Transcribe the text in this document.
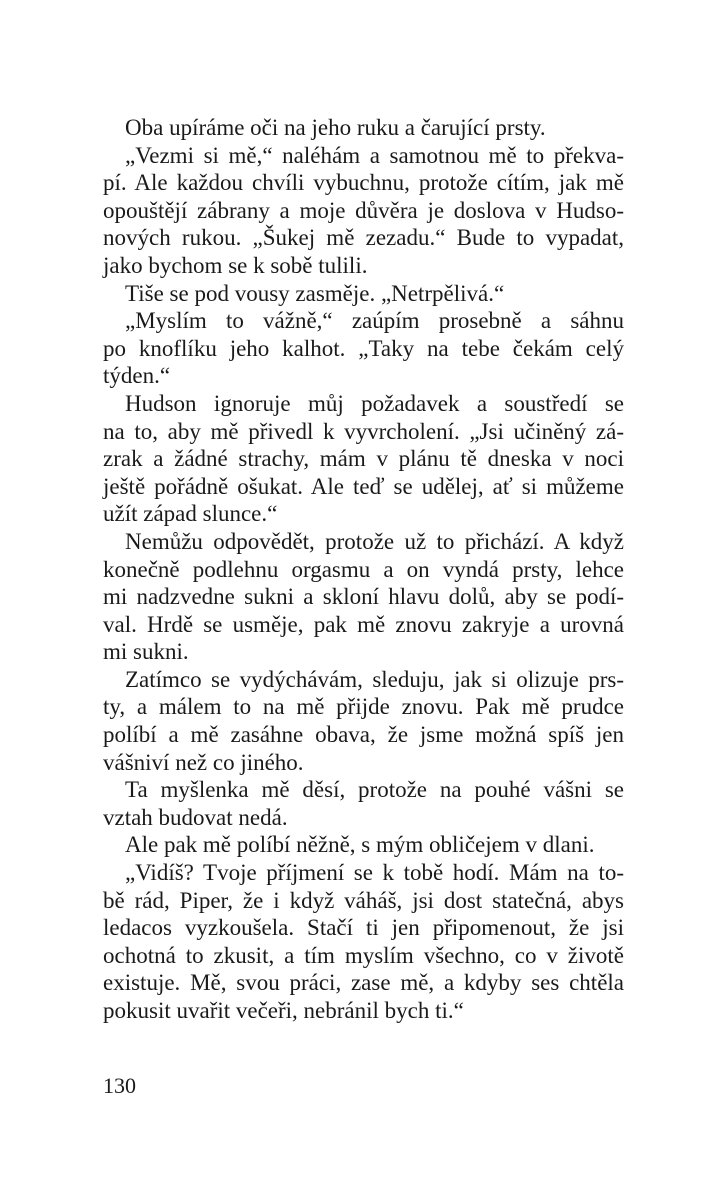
Oba upíráme oči na jeho ruku a čarující prsty.
„Vezmi si mě,“ naléhám a samotnou mě to překva-
pí. Ale každou chvíli vybuchnu, protože cítím, jak mě
opouštějí zábrany a moje důvěra je doslova v Hudso-
nových rukou. „Šukej mě zezadu.“ Bude to vypadat,
jako bychom se k sobě tulili.
Tiše se pod vousy zasměje. „Netrpělivá.“
„Myslím to vážně,“ zaúpím prosebně a sáhnu
po knoflíku jeho kalhot. „Taky na tebe čekám celý
týden.“
Hudson ignoruje můj požadavek a soustředí se
na to, aby mě přivedl k vyvrcholení. „Jsi učiněný zá-
zrak a žádné strachy, mám v plánu tě dneska v noci
ještě pořádně ošukat. Ale teď se udělej, ať si můžeme
užít západ slunce.“
Nemůžu odpovědět, protože už to přichází. A když
konečně podlehnu orgasmu a on vyndá prsty, lehce
mi nadzvedne sukni a skloní hlavu dolů, aby se podí-
val. Hrdě se usměje, pak mě znovu zakryje a urovná
mi sukni.
Zatímco se vydýchávám, sleduju, jak si olizuje prs-
ty, a málem to na mě přijde znovu. Pak mě prudce
políbí a mě zasáhne obava, že jsme možná spíš jen
vášniví než co jiného.
Ta myšlenka mě děsí, protože na pouhé vášni se
vztah budovat nedá.
Ale pak mě políbí něžně, s mým obličejem v dlani.
„Vidíš? Tvoje příjmení se k tobě hodí. Mám na to-
bě rád, Piper, že i když váháš, jsi dost statečná, abys
ledacos vyzkoušela. Stačí ti jen připomenout, že jsi
ochotná to zkusit, a tím myslím všechno, co v životě
existuje. Mě, svou práci, zase mě, a kdyby ses chtěla
pokusit uvařit večeři, nebránil bych ti.“
130
